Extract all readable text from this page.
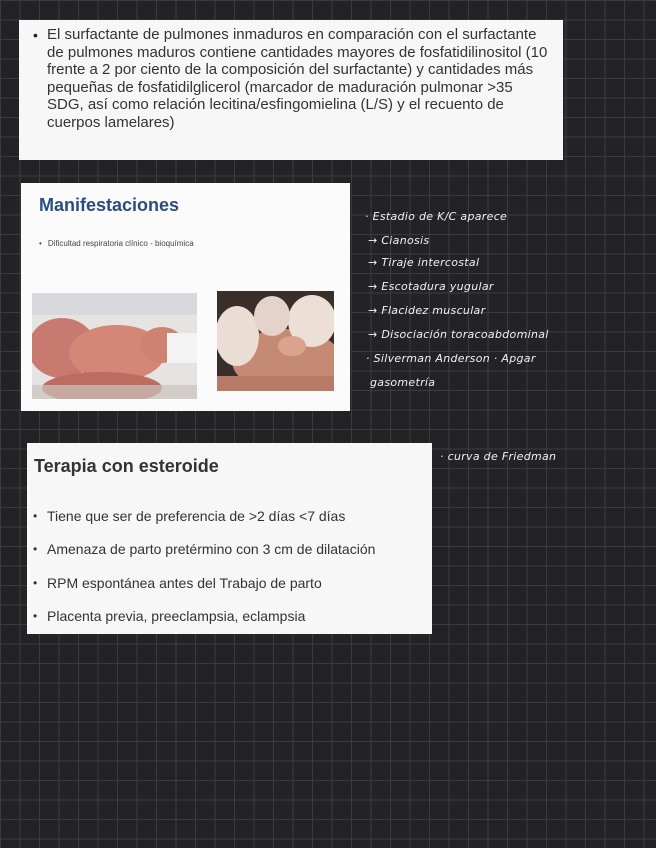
• El surfactante de pulmones inmaduros en comparación con el surfactante de pulmones maduros contiene cantidades mayores de fosfatidilinositol (10 frente a 2 por ciento de la composición del surfactante) y cantidades más pequeñas de fosfatidilglicerol (marcador de maduración pulmonar >35 SDG, así como relación lecitina/esfingomielina (L/S) y el recuento de cuerpos lamelares)
Manifestaciones
• Dificultad respiratoria clínico - bioquímica
Terapia con esteroide
• Tiene que ser de preferencia de >2 días <7 días
• Amenaza de parto pretérmino con 3 cm de dilatación
• RPM espontánea antes del Trabajo de parto
• Placenta previa, preeclampsia, eclampsia
· Estadio de K/C aparece
→ Cianosis
→ Tiraje intercostal
→ Escotadura yugular
→ Flacidez muscular
→ Disociación toracoabdominal
· Silverman Anderson · Apgar
gasometría
· curva de Friedman
